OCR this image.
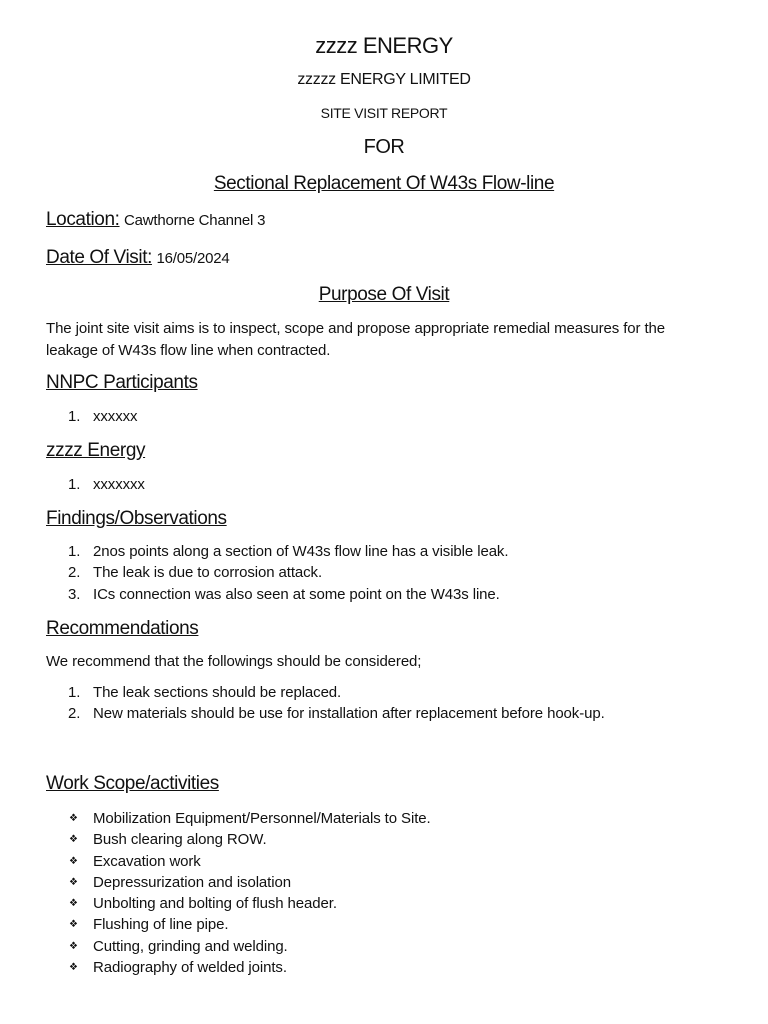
zzzz ENERGY
zzzzz ENERGY LIMITED
SITE VISIT REPORT
FOR
Sectional Replacement Of W43s Flow-line
Location: Cawthorne Channel 3
Date Of Visit: 16/05/2024
Purpose Of Visit
The joint site visit aims is to inspect, scope and propose appropriate remedial measures for the leakage of W43s flow line when contracted.
NNPC Participants
1. xxxxxx
zzzz Energy
1. xxxxxxx
Findings/Observations
1. 2nos points along a section of W43s flow line has a visible leak.
2. The leak is due to corrosion attack.
3. ICs connection was also seen at some point on the W43s line.
Recommendations
We recommend that the followings should be considered;
1. The leak sections should be replaced.
2. New materials should be use for installation after replacement before hook-up.
Work Scope/activities
❖ Mobilization Equipment/Personnel/Materials to Site.
❖ Bush clearing along ROW.
❖ Excavation work
❖ Depressurization and isolation
❖ Unbolting and bolting of flush header.
❖ Flushing of line pipe.
❖ Cutting, grinding and welding.
❖ Radiography of welded joints.
